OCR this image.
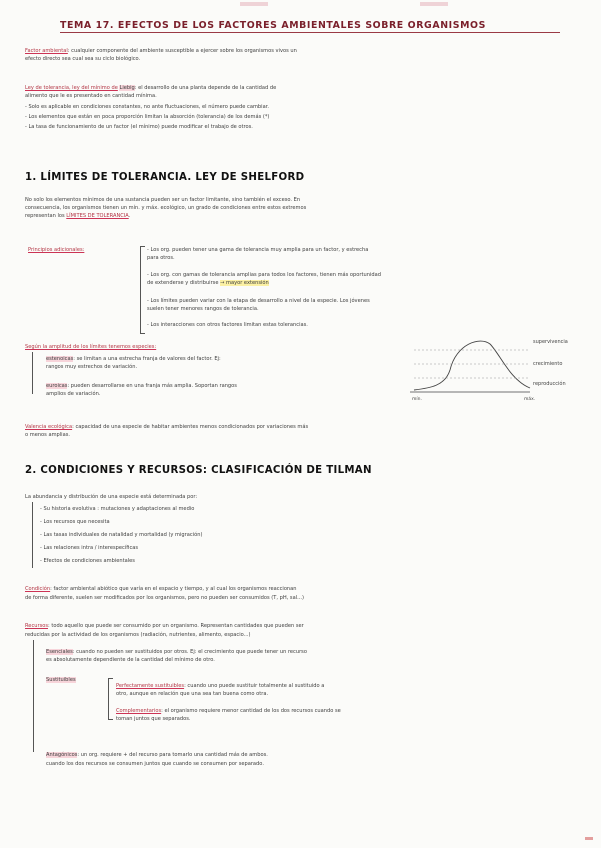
TEMA 17. EFECTOS DE LOS FACTORES AMBIENTALES SOBRE ORGANISMOS
Factor ambiental: cualquier componente del ambiente susceptible a ejercer sobre los organismos vivos un
efecto directo sea cual sea su ciclo biológico.
Ley de tolerancia, ley del mínimo de Liebig: el desarrollo de una planta depende de la cantidad de
alimento que le es presentado en cantidad mínima.
- Solo es aplicable en condiciones constantes, no ante fluctuaciones, el número puede cambiar.
- Los elementos que están en poca proporción limitan la absorción (tolerancia) de los demás (*)
- La tasa de funcionamiento de un factor (el mínimo) puede modificar el trabajo de otros.
1. LÍMITES DE TOLERANCIA. LEY DE SHELFORD
No solo los elementos mínimos de una sustancia pueden ser un factor limitante, sino también el exceso. En
consecuencia, los organismos tienen un mín. y máx. ecológico, un grado de condiciones entre estos extremos
representan los LÍMITES DE TOLERANCIA.
Principios adicionales:	- Los org. pueden tener una gama de tolerancia muy amplia para un factor, y estrecha
para otros.
- Los org. con gamas de tolerancia amplias para todos los factores, tienen más oportunidad
de extenderse y distribuirse → mayor extensión
- Los límites pueden variar con la etapa de desarrollo a nivel de la especie. Los jóvenes
suelen tener menores rangos de tolerancia.
- Los interacciones con otros factores limitan estas tolerancias.
Según la amplitud de los límites tenemos especies:
estenoicas: se limitan a una estrecha franja de valores del factor. Ej:
rangos muy estrechos de variación.
euroicas: pueden desarrollarse en una franja más amplia. Soportan rangos
amplios de variación.
supervivencia
crecimiento
reproducción
mín.	máx.
Valencia ecológica: capacidad de una especie de habitar ambientes menos condicionados por variaciones más
o menos amplias.
2. CONDICIONES Y RECURSOS: CLASIFICACIÓN DE TILMAN
La abundancia y distribución de una especie está determinada por:
- Su historia evolutiva : mutaciones y adaptaciones al medio
- Los recursos que necesita
- Las tasas individuales de natalidad y mortalidad (y migración)
- Las relaciones intra / interespecíficas
- Efectos de condiciones ambientales
Condición: factor ambiental abiótico que varía en el espacio y tiempo, y al cual los organismos reaccionan
de forma diferente, suelen ser modificados por los organismos, pero no pueden ser consumidos (T, pH, sal...)
Recursos: todo aquello que puede ser consumido por un organismo. Representan cantidades que pueden ser
reducidas por la actividad de los organismos (radiación, nutrientes, alimento, espacio...)
Esenciales: cuando no pueden ser sustituidos por otros. Ej: el crecimiento que puede tener un recurso
es absolutamente dependiente de la cantidad del mínimo de otro.
Sustituibles
Perfectamente sustituibles: cuando uno puede sustituir totalmente al sustituido a
otro, aunque en relación que una sea tan buena como otra.
Complementarios: el organismo requiere menor cantidad de los dos recursos cuando se
toman juntos que separados.
Antagónicos: un org. requiere + del recurso para tomarlo una cantidad más de ambos.
cuando los dos recursos se consumen juntos que cuando se consumen por separado.
